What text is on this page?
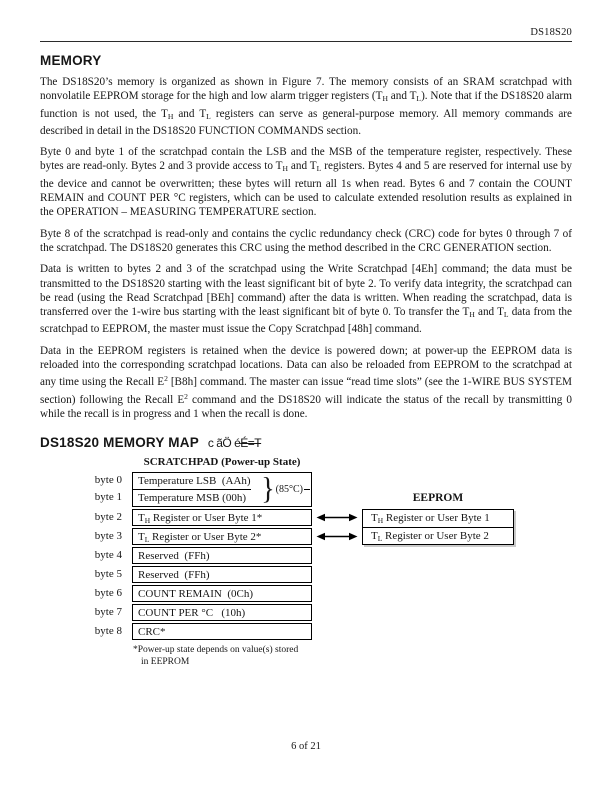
DS18S20
MEMORY

The DS18S20’s memory is organized as shown in Figure 7. The memory consists of an SRAM scratchpad with nonvolatile EEPROM storage for the high and low alarm trigger registers ($T_H$ and $T_L$). Note that if the DS18S20 alarm function is not used, the $T_H$ and $T_L$ registers can serve as general-purpose memory. All memory commands are described in detail in the DS18S20 FUNCTION COMMANDS section.

Byte 0 and byte 1 of the scratchpad contain the LSB and the MSB of the temperature register, respectively. These bytes are read-only. Bytes 2 and 3 provide access to $T_H$ and $T_L$ registers. Bytes 4 and 5 are reserved for internal use by the device and cannot be overwritten; these bytes will return all 1s when read. Bytes 6 and 7 contain the COUNT REMAIN and COUNT PER °C registers, which can be used to calculate extended resolution results as explained in the OPERATION – MEASURING TEMPERATURE section.

Byte 8 of the scratchpad is read-only and contains the cyclic redundancy check (CRC) code for bytes 0 through 7 of the scratchpad. The DS18S20 generates this CRC using the method described in the CRC GENERATION section.

Data is written to bytes 2 and 3 of the scratchpad using the Write Scratchpad [4Eh] command; the data must be transmitted to the DS18S20 starting with the least significant bit of byte 2. To verify data integrity, the scratchpad can be read (using the Read Scratchpad [BEh] command) after the data is written. When reading the scratchpad, data is transferred over the 1-wire bus starting with the least significant bit of byte 0. To transfer the $T_H$ and $T_L$ data from the scratchpad to EEPROM, the master must issue the Copy Scratchpad [48h] command.

Data in the EEPROM registers is retained when the device is powered down; at power-up the EEPROM data is reloaded into the corresponding scratchpad locations. Data can also be reloaded from EEPROM to the scratchpad at any time using the Recall $E^2$ [B8h] command. The master can issue “read time slots” (see the 1-WIRE BUS SYSTEM section) following the Recall $E^2$ command and the DS18S20 will indicate the status of the recall by transmitting 0 while the recall is in progress and 1 when the recall is done.

DS18S20 MEMORY MAP c ãÖ éÉ=T
SCRATCHPAD (Power-up State)
byte 0
byte 1
byte 2
byte 3
byte 4
byte 5
byte 6
byte 7
byte 8
Temperature LSB  (AAh)
Temperature MSB (00h) } (85°C)
$T_H$ Register or User Byte 1*
$T_L$ Register or User Byte 2*
Reserved  (FFh)
Reserved  (FFh)
COUNT REMAIN  (0Ch)
COUNT PER °C   (10h)
CRC*
EEPROM
$T_H$ Register or User Byte 1
$T_L$ Register or User Byte 2
*Power-up state depends on value(s) stored
in EEPROM
6 of 21
